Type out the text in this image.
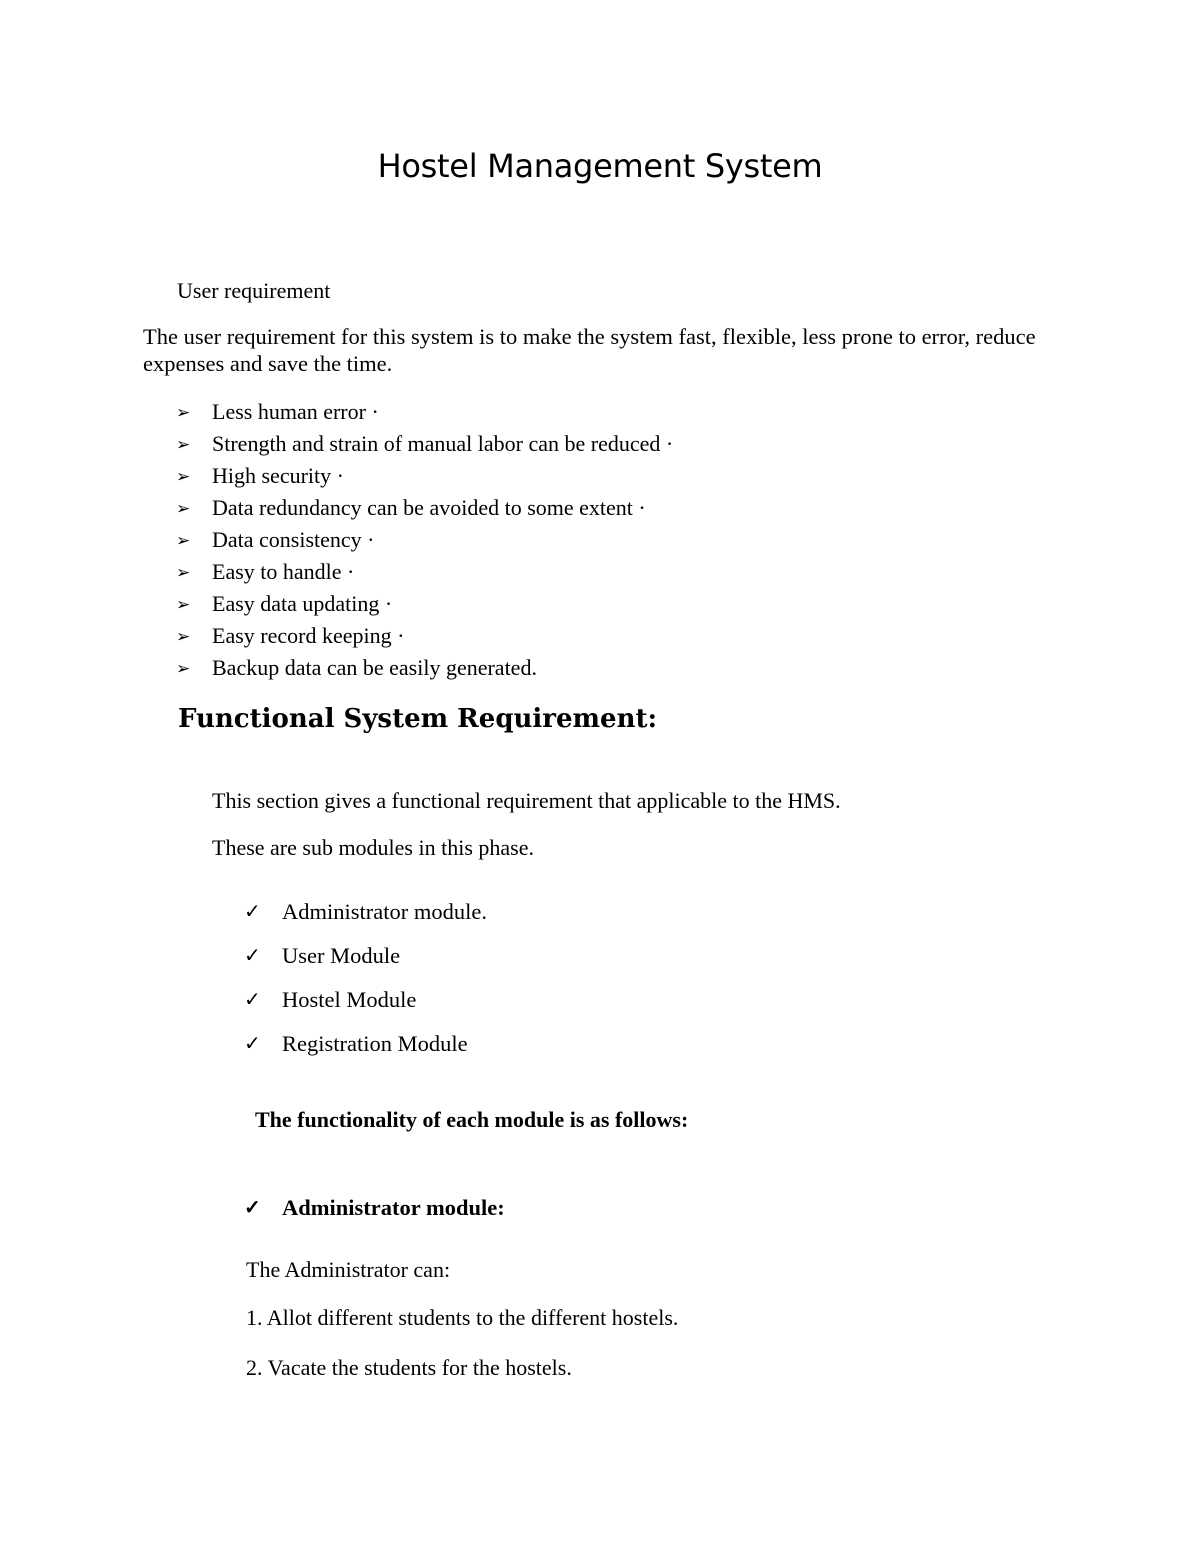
Hostel Management System
User requirement

The user requirement for this system is to make the system fast, flexible, less prone to error, reduce expenses and save the time.

➢ Less human error ·
➢ Strength and strain of manual labor can be reduced ·
➢ High security ·
➢ Data redundancy can be avoided to some extent ·
➢ Data consistency ·
➢ Easy to handle ·
➢ Easy data updating ·
➢ Easy record keeping ·
➢ Backup data can be easily generated.
Functional System Requirement:
This section gives a functional requirement that applicable to the HMS.
These are sub modules in this phase.
✓ Administrator module.
✓ User Module
✓ Hostel Module
✓ Registration Module
The functionality of each module is as follows:
✓ Administrator module:
The Administrator can:
1. Allot different students to the different hostels.
2. Vacate the students for the hostels.
